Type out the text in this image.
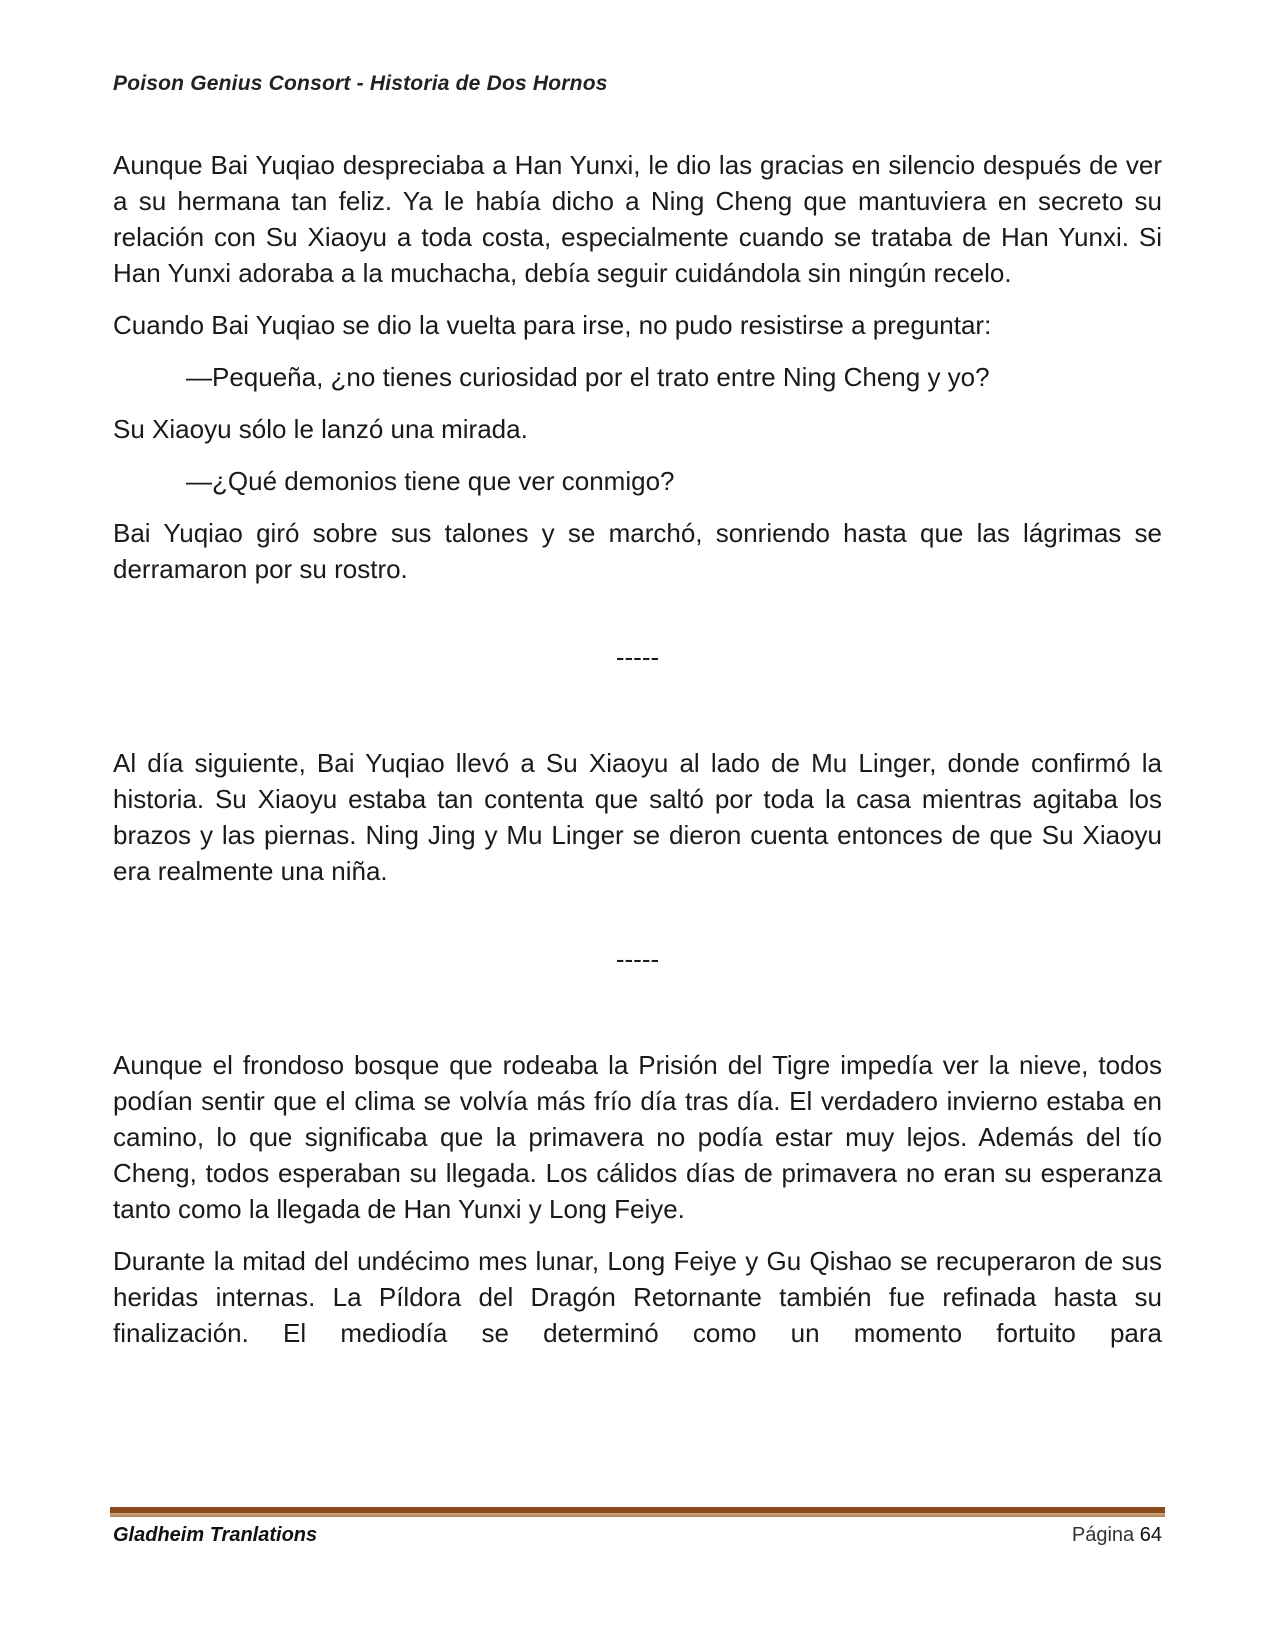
Poison Genius Consort - Historia de Dos Hornos

Aunque Bai Yuqiao despreciaba a Han Yunxi, le dio las gracias en silencio después de ver a su hermana tan feliz. Ya le había dicho a Ning Cheng que mantuviera en secreto su relación con Su Xiaoyu a toda costa, especialmente cuando se trataba de Han Yunxi. Si Han Yunxi adoraba a la muchacha, debía seguir cuidándola sin ningún recelo.

Cuando Bai Yuqiao se dio la vuelta para irse, no pudo resistirse a preguntar:

—Pequeña, ¿no tienes curiosidad por el trato entre Ning Cheng y yo?

Su Xiaoyu sólo le lanzó una mirada.

—¿Qué demonios tiene que ver conmigo?

Bai Yuqiao giró sobre sus talones y se marchó, sonriendo hasta que las lágrimas se derramaron por su rostro.

-----

Al día siguiente, Bai Yuqiao llevó a Su Xiaoyu al lado de Mu Linger, donde confirmó la historia. Su Xiaoyu estaba tan contenta que saltó por toda la casa mientras agitaba los brazos y las piernas. Ning Jing y Mu Linger se dieron cuenta entonces de que Su Xiaoyu era realmente una niña.

-----

Aunque el frondoso bosque que rodeaba la Prisión del Tigre impedía ver la nieve, todos podían sentir que el clima se volvía más frío día tras día. El verdadero invierno estaba en camino, lo que significaba que la primavera no podía estar muy lejos. Además del tío Cheng, todos esperaban su llegada. Los cálidos días de primavera no eran su esperanza tanto como la llegada de Han Yunxi y Long Feiye.

Durante la mitad del undécimo mes lunar, Long Feiye y Gu Qishao se recuperaron de sus heridas internas. La Píldora del Dragón Retornante también fue refinada hasta su finalización. El mediodía se determinó como un momento fortuito para

Gladheim Tranlations	Página 64
